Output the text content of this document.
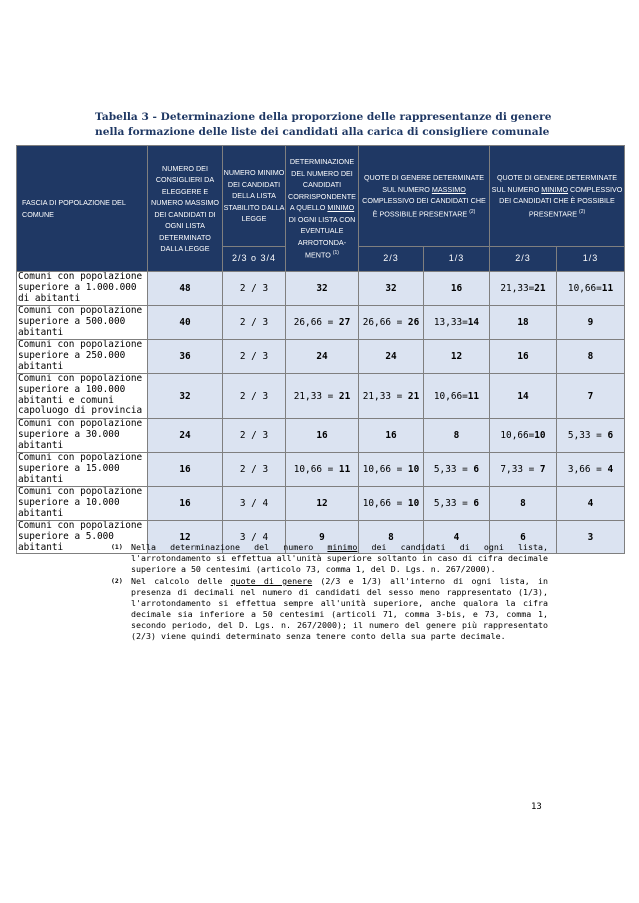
Tabella 3 - Determinazione della proporzione delle rappresentanze di genere
nella formazione delle liste dei candidati alla carica di consigliere comunale
FASCIA DI POPOLAZIONE DEL COMUNE	NUMERO DEI CONSIGLIERI DA ELEGGERE E NUMERO MASSIMO DEI CANDIDATI DI OGNI LISTA DETERMINATO DALLA LEGGE	NUMERO MINIMO DEI CANDIDATI DELLA LISTA STABILITO DALLA LEGGE	DETERMINAZIONE DEL NUMERO DEI CANDIDATI CORRISPONDENTE A QUELLO MINIMO DI OGNI LISTA CON EVENTUALE ARROTONDA-MENTO $^{(1)}$	QUOTE DI GENERE DETERMINATE SUL NUMERO MASSIMO COMPLESSIVO DEI CANDIDATI CHE È POSSIBILE PRESENTARE $^{(2)}$		QUOTE DI GENERE DETERMINATE SUL NUMERO MINIMO COMPLESSIVO DEI CANDIDATI CHE È POSSIBILE PRESENTARE $^{(2)}$
		2/3 o 3/4		2/3	1/3	2/3	1/3
Comuni con popolazione superiore a 1.000.000 di abitanti	48	2 / 3	32	32	16	21,33=21	10,66=11
Comuni con popolazione superiore a 500.000 abitanti	40	2 / 3	26,66 = 27	26,66 = 26	13,33=14	18	9
Comuni con popolazione superiore a 250.000 abitanti	36	2 / 3	24	24	12	16	8
Comuni con popolazione superiore a 100.000 abitanti e comuni capoluogo di provincia	32	2 / 3	21,33 = 21	21,33 = 21	10,66=11	14	7
Comuni con popolazione superiore a 30.000 abitanti	24	2 / 3	16	16	8	10,66=10	5,33 = 6
Comuni con popolazione superiore a 15.000 abitanti	16	2 / 3	10,66 = 11	10,66 = 10	5,33 = 6	7,33 = 7	3,66 = 4
Comuni con popolazione superiore a 10.000 abitanti	16	3 / 4	12	10,66 = 10	5,33 = 6	8	4
Comuni con popolazione superiore a 5.000 abitanti	12	3 / 4	9	8	4	6	3
(1) Nella determinazione del numero minimo dei candidati di ogni lista, l'arrotondamento si effettua all'unità superiore soltanto in caso di cifra decimale superiore a 50 centesimi (articolo 73, comma 1, del D. Lgs. n. 267/2000).
(2) Nel calcolo delle quote di genere (2/3 e 1/3) all'interno di ogni lista, in presenza di decimali nel numero di candidati del sesso meno rappresentato (1/3), l'arrotondamento si effettua sempre all'unità superiore, anche qualora la cifra decimale sia inferiore a 50 centesimi (articoli 71, comma 3-bis, e 73, comma 1, secondo periodo, del D. Lgs. n. 267/2000); il numero del genere più rappresentato (2/3) viene quindi determinato senza tenere conto della sua parte decimale.
13
